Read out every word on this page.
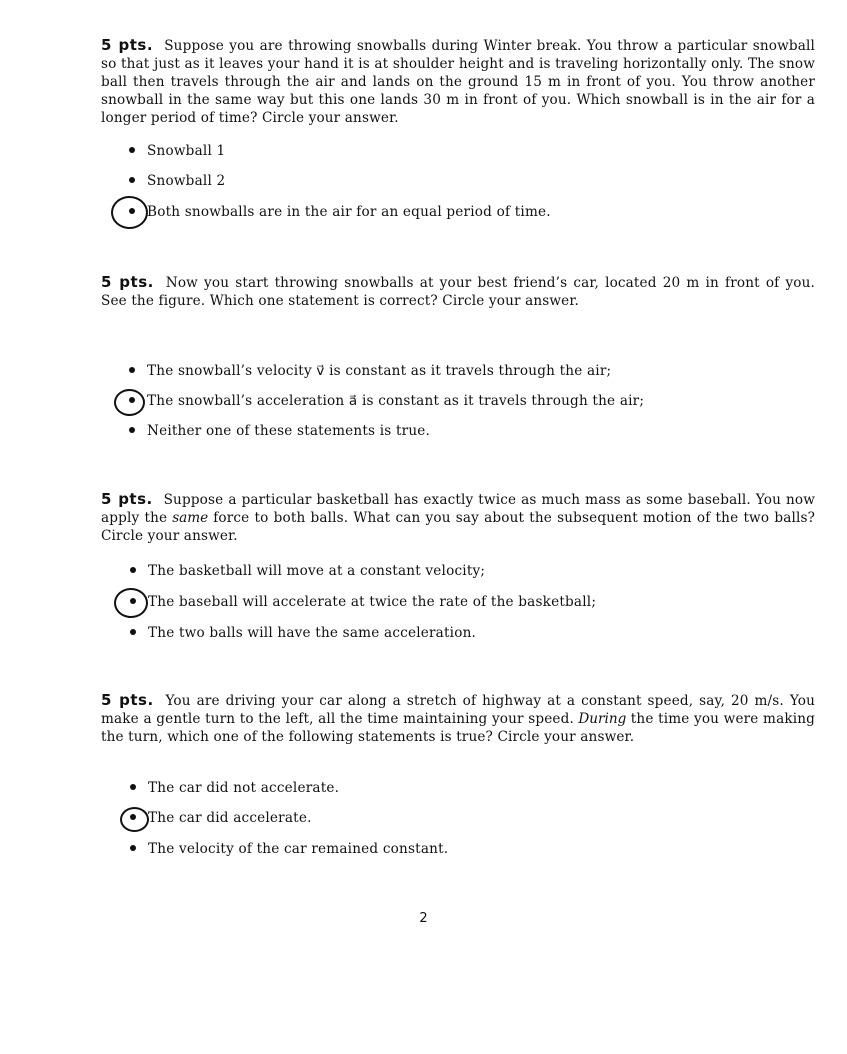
5 pts. Suppose you are throwing snowballs during Winter break. You throw a particular snowball so that just as it leaves your hand it is at shoulder height and is traveling horizontally only. The snow ball then travels through the air and lands on the ground 15 m in front of you. You throw another snowball in the same way but this one lands 30 m in front of you. Which snowball is in the air for a longer period of time? Circle your answer.

Snowball 1
Snowball 2
Both snowballs are in the air for an equal period of time.

5 pts. Now you start throwing snowballs at your best friend’s car, located 20 m in front of you. See the figure. Which one statement is correct? Circle your answer.

The snowball’s velocity v⃗ is constant as it travels through the air;
The snowball’s acceleration a⃗ is constant as it travels through the air;
Neither one of these statements is true.

5 pts. Suppose a particular basketball has exactly twice as much mass as some baseball. You now apply the same force to both balls. What can you say about the subsequent motion of the two balls? Circle your answer.

The basketball will move at a constant velocity;
The baseball will accelerate at twice the rate of the basketball;
The two balls will have the same acceleration.

5 pts. You are driving your car along a stretch of highway at a constant speed, say, 20 m/s. You make a gentle turn to the left, all the time maintaining your speed. During the time you were making the turn, which one of the following statements is true? Circle your answer.

The car did not accelerate.
The car did accelerate.
The velocity of the car remained constant.
2
